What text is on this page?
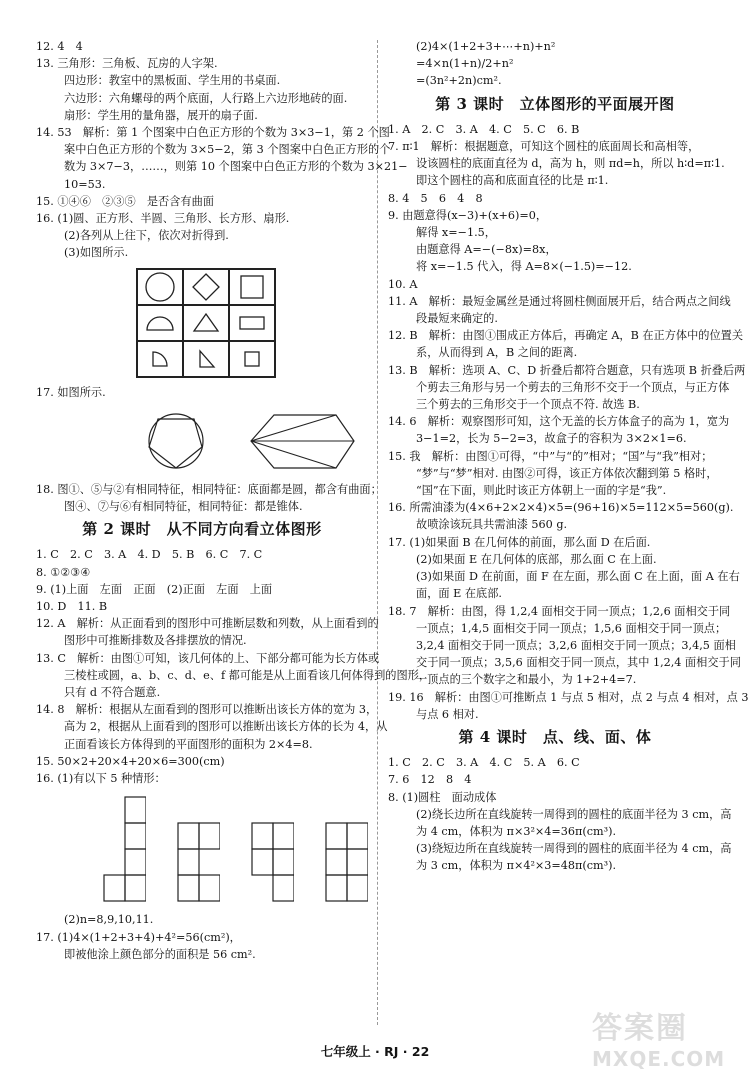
12. 4　4
13. 三角形：三角板、瓦房的人字架.
四边形：教室中的黑板面、学生用的书桌面.
六边形：六角螺母的两个底面，人行路上六边形地砖的面.
扇形：学生用的量角器，展开的扇子面.
14. 53　解析：第 1 个图案中白色正方形的个数为 3×3−1，第 2 个图
案中白色正方形的个数为 3×5−2，第 3 个图案中白色正方形的个
数为 3×7−3，……，则第 10 个图案中白色正方形的个数为 3×21−
10=53.
15. ①④⑥　②③⑤　是否含有曲面
16. (1)圆、正方形、半圆、三角形、长方形、扇形.
(2)各列从上往下，依次对折得到.
(3)如图所示.
17. 如图所示.
18. 图①、⑤与②有相同特征，相同特征：底面都是圆，都含有曲面；
图④、⑦与⑥有相同特征，相同特征：都是锥体.
第 2 课时　从不同方向看立体图形
1. C　2. C　3. A　4. D　5. B　6. C　7. C
8. ①②③④
9. (1)上面　左面　正面　(2)正面　左面　上面
10. D　11. B
12. A　解析：从正面看到的图形中可推断层数和列数，从上面看到的
图形中可推断排数及各排摆放的情况.
13. C　解析：由图①可知，该几何体的上、下部分都可能为长方体或
三棱柱或圆，a、b、c、d、e、f 都可能是从上面看该几何体得到的图形，
只有 d 不符合题意.
14. 8　解析：根据从左面看到的图形可以推断出该长方体的宽为 3，
高为 2，根据从上面看到的图形可以推断出该长方体的长为 4，从
正面看该长方体得到的平面图形的面积为 2×4=8.
15. 50×2+20×4+20×6=300(cm)
16. (1)有以下 5 种情形：
(2)n=8,9,10,11.
17. (1)4×(1+2+3+4)+4²=56(cm²)，
即被他涂上颜色部分的面积是 56 cm².
(2)4×(1+2+3+⋯+n)+n²
=4×n(1+n)/2+n²
=(3n²+2n)cm².
第 3 课时　立体图形的平面展开图
1. A　2. C　3. A　4. C　5. C　6. B
7. π∶1　解析：根据题意，可知这个圆柱的底面周长和高相等，
设该圆柱的底面直径为 d，高为 h，则 πd=h，所以 h∶d=π∶1.
即这个圆柱的高和底面直径的比是 π∶1.
8. 4　5　6　4　8
9. 由题意得(x−3)+(x+6)=0，
解得 x=−1.5，
由题意得 A=−(−8x)=8x，
将 x=−1.5 代入，得 A=8×(−1.5)=−12.
10. A
11. A　解析：最短金属丝是通过将圆柱侧面展开后，结合两点之间线
段最短来确定的.
12. B　解析：由图①围成正方体后，再确定 A，B 在正方体中的位置关
系，从而得到 A，B 之间的距离.
13. B　解析：选项 A、C、D 折叠后都符合题意，只有选项 B 折叠后两
个剪去三角形与另一个剪去的三角形不交于一个顶点，与正方体
三个剪去的三角形交于一个顶点不符. 故选 B.
14. 6　解析：观察图形可知，这个无盖的长方体盒子的高为 1，宽为
3−1=2，长为 5−2=3，故盒子的容积为 3×2×1=6.
15. 我　解析：由图①可得，“中”与“的”相对；“国”与“我”相对；
“梦”与“梦”相对. 由图②可得，该正方体依次翻到第 5 格时，
“国”在下面，则此时该正方体朝上一面的字是“我”.
16. 所需油漆为(4×6+2×2×4)×5=(96+16)×5=112×5=560(g).
故喷涂该玩具共需油漆 560 g.
17. (1)如果面 B 在几何体的前面，那么面 D 在后面.
(2)如果面 E 在几何体的底部，那么面 C 在上面.
(3)如果面 D 在前面，面 F 在左面，那么面 C 在上面，面 A 在右
面，面 E 在底部.
18. 7　解析：由图，得 1,2,4 面相交于同一顶点；1,2,6 面相交于同
一顶点；1,4,5 面相交于同一顶点；1,5,6 面相交于同一顶点；
3,2,4 面相交于同一顶点；3,2,6 面相交于同一顶点；3,4,5 面相
交于同一顶点；3,5,6 面相交于同一顶点，其中 1,2,4 面相交于同
一顶点的三个数字之和最小，为 1+2+4=7.
19. 16　解析：由图①可推断点 1 与点 5 相对，点 2 与点 4 相对，点 3
与点 6 相对.
第 4 课时　点、线、面、体
1. C　2. C　3. A　4. C　5. A　6. C
7. 6　12　8　4
8. (1)圆柱　面动成体
(2)绕长边所在直线旋转一周得到的圆柱的底面半径为 3 cm，高
为 4 cm，体积为 π×3²×4=36π(cm³).
(3)绕短边所在直线旋转一周得到的圆柱的底面半径为 4 cm，高
为 3 cm，体积为 π×4²×3=48π(cm³).
七年级上 · RJ · 22
答案圈
MXQE.COM
